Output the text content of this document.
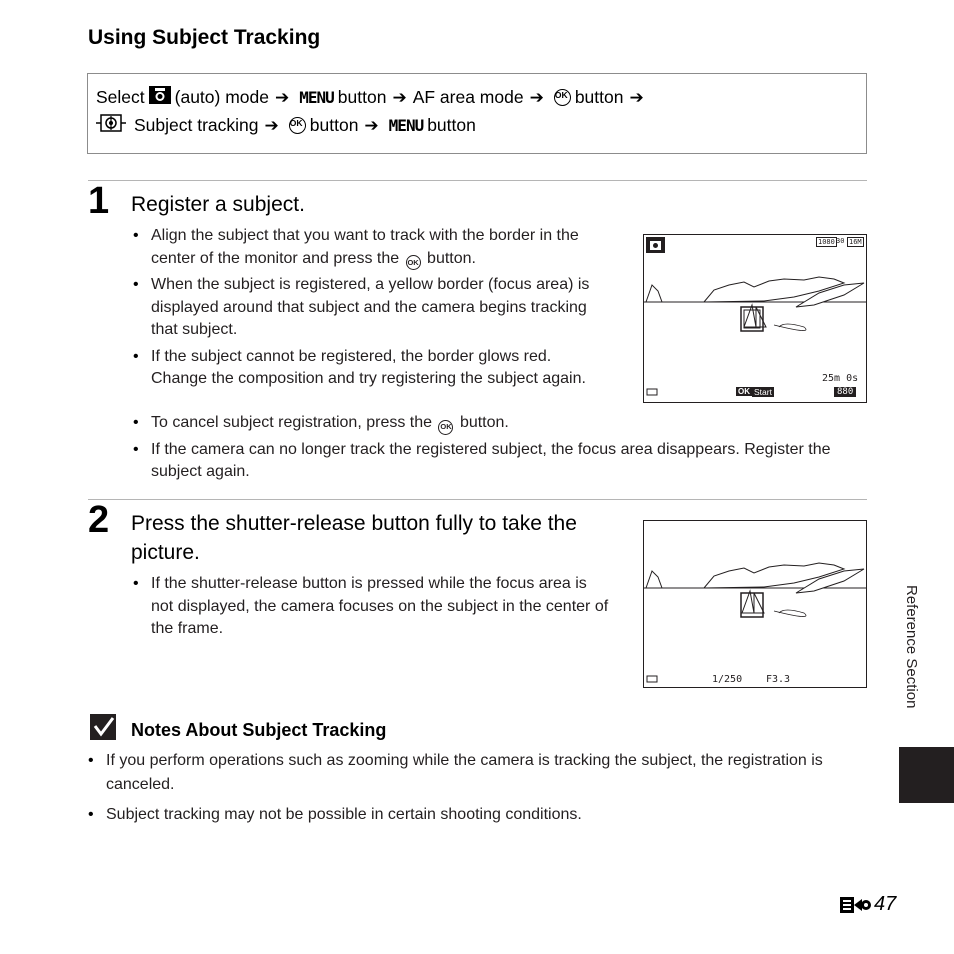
Using Subject Tracking
Select (auto) mode ➔ MENU button ➔ AF area mode ➔ OK button ➔
Subject tracking ➔ OK button ➔ MENU button
1 Register a subject.
• Align the subject that you want to track with the border in the center of the monitor and press the OK button.
• When the subject is registered, a yellow border (focus area) is displayed around that subject and the camera begins tracking that subject.
• If the subject cannot be registered, the border glows red. Change the composition and try registering the subject again.
• To cancel subject registration, press the OK button.
• If the camera can no longer track the registered subject, the focus area disappears. Register the subject again.
1080 30 16M
25m 0s
OK Start	880
2 Press the shutter-release button fully to take the picture.
• If the shutter-release button is pressed while the focus area is not displayed, the camera focuses on the subject in the center of the frame.
1/250 F3.3
Notes About Subject Tracking
• If you perform operations such as zooming while the camera is tracking the subject, the registration is canceled.
• Subject tracking may not be possible in certain shooting conditions.
Reference Section
47
